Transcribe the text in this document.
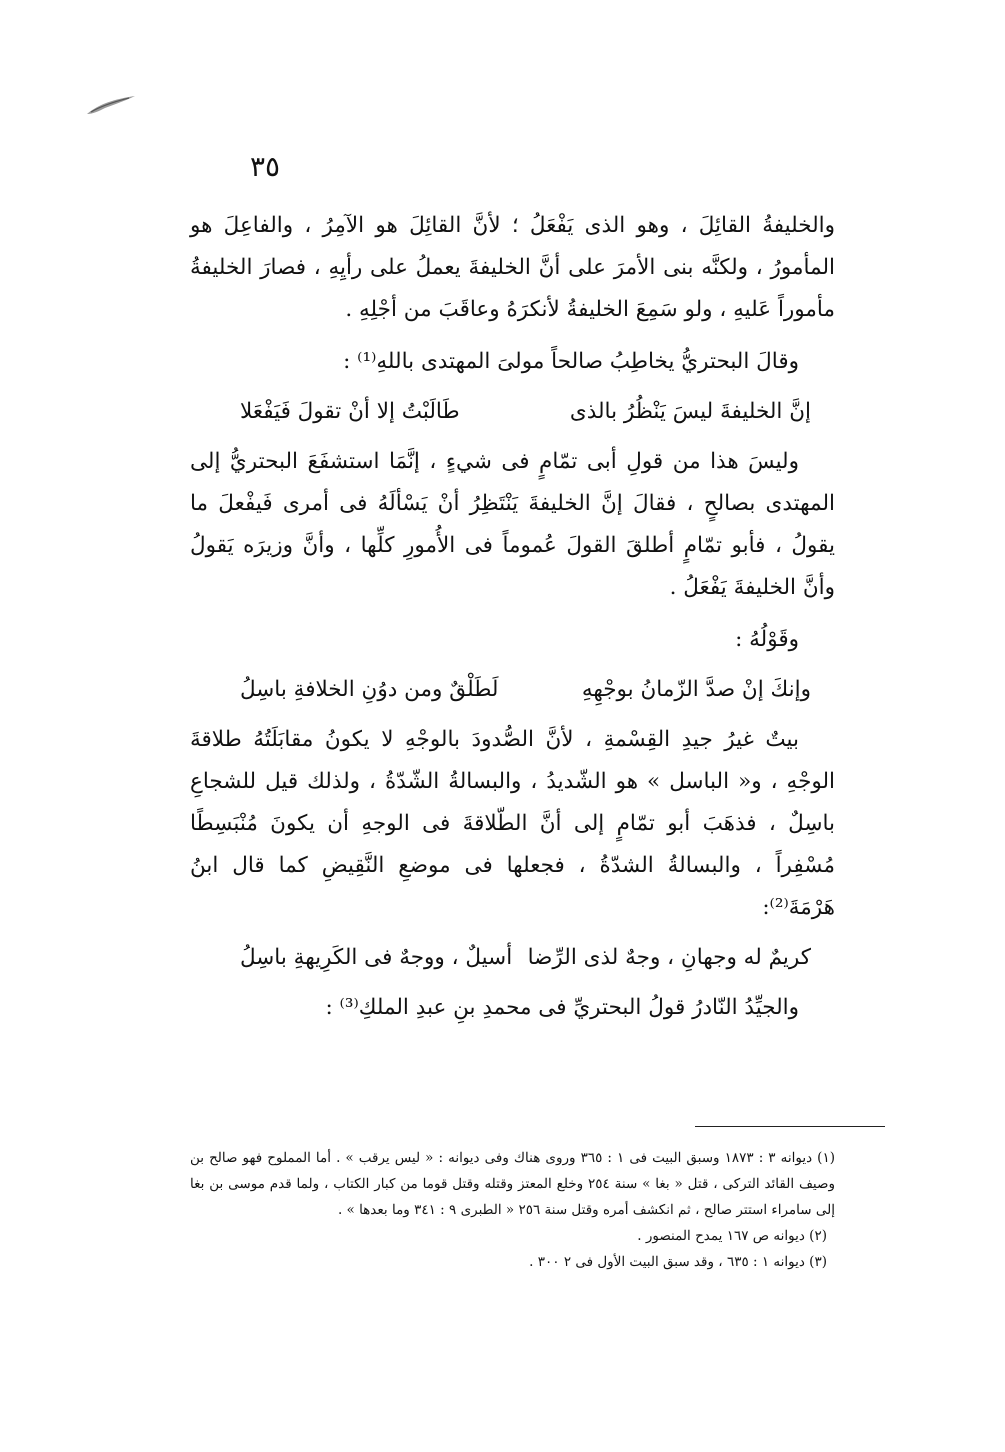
٣٥

والخليفةُ القائِلَ ، وهو الذى يَفْعَلُ ؛ لأنَّ القائِلَ هو الآمِرُ ، والفاعِلَ هو المأمورُ ، ولكنَّه بنى الأمرَ على أنَّ الخليفةَ يعملُ على رأيِهِ ، فصارَ الخليفةُ مأموراً عَليهِ ، ولو سَمِعَ الخليفةُ لأنكرَهُ وعاقَبَ من أجْلِهِ .

وقالَ البحتريُّ يخاطِبُ صالحاً مولىَ المهتدى باللهِ⁽¹⁾ :

إنَّ الخليفةَ ليسَ يَنْظُرُ بالذى
طَالَبْتُ إلا أنْ تقولَ فَيَفْعَلا

وليسَ هذا من قولِ أبى تمّامٍ فى شيءٍ ، إنَّمَا استشفَعَ البحتريُّ إلى المهتدى بصالحٍ ، فقالَ إنَّ الخليفةَ يَنْتَظِرُ أنْ يَسْألَهُ فى أمرى فَيفْعلَ ما يقولُ ، فأبو تمّامٍ أطلقَ القولَ عُموماً فى الأُمورِ كلِّها ، وأنَّ وزيرَه يَقولُ وأنَّ الخليفةَ يَفْعَلُ .

وقَوْلُهُ :

وإنكَ إنْ صدَّ الزّمانُ بوجْهِهِ
لَطَلْقٌ ومن دوُنِ الخلافةِ باسِلُ

بيتٌ غيرُ جيدِ القِسْمةِ ، لأنَّ الصُّدودَ بالوجْهِ لا يكونُ مقابَلَتُهُ طلاقةَ الوجْهِ ، و« الباسل » هو الشّديدُ ، والبسالةُ الشّدّةُ ، ولذلك قيل للشجاعِ باسِلٌ ، فذهَبَ أبو تمّامٍ إلى أنَّ الطّلاقةَ فى الوجهِ أن يكونَ مُنْبَسِطًا مُسْفِراً ، والبسالةُ الشدّةُ ، فجعلها فى موضعِ النَّقِيضِ كما قال ابنُ هَرْمَةَ⁽²⁾:

كريمٌ له وجهانِ ، وجهٌ لذى الرِّضا
أسيلٌ ، ووجهٌ فى الكَرِيهةِ باسِلُ

والجيِّدُ النّادرُ قولُ البحتريِّ فى محمدِ بنِ عبدِ الملكِ⁽³⁾ :

(١) ديوانه ٣ : ١٨٧٣ وسبق البيت فى ١ : ٣٦٥ وروى هناك وفى ديوانه : « ليس يرقب » . أما المملوح فهو صالح بن وصيف القائد التركى ، قتل « بغا » سنة ٢٥٤ وخلع المعتز وقتله وقتل قوما من كبار الكتاب ، ولما قدم موسى بن بغا إلى سامراء استتر صالح ، ثم انكشف أمره وقتل سنة ٢٥٦ « الطبرى ٩ : ٣٤١ وما بعدها » .

(٢) ديوانه ص ١٦٧ يمدح المنصور .

(٣) ديوانه ١ : ٦٣٥ ، وقد سبق البيت الأول فى ٢ ٣٠٠ .
